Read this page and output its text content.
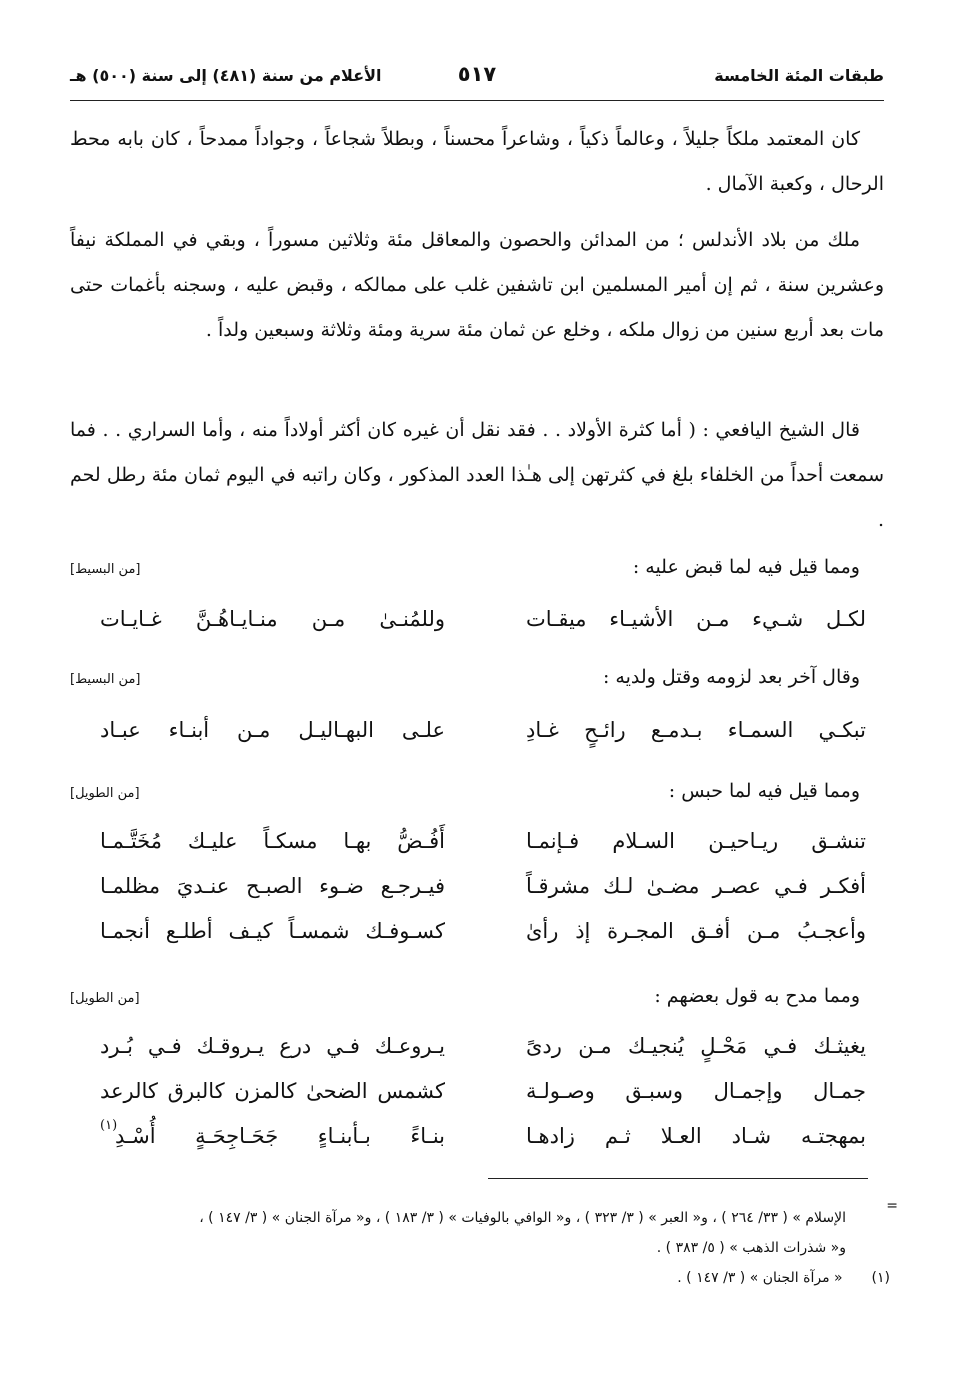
طبقات المئة الخامسة
٥١٧
الأعلام من سنة (٤٨١) إلى سنة (٥٠٠) هـ

كان المعتمد ملكاً جليلاً ، وعالماً ذكياً ، وشاعراً محسناً ، وبطلاً شجاعاً ، وجواداً ممدحاً ، كان بابه محط الرحال ، وكعبة الآمال .

ملك من بلاد الأندلس ؛ من المدائن والحصون والمعاقل مئة وثلاثين مسوراً ، وبقي في المملكة نيفاً وعشرين سنة ، ثم إن أمير المسلمين ابن تاشفين غلب على ممالكه ، وقبض عليه ، وسجنه بأغمات حتى مات بعد أربع سنين من زوال ملكه ، وخلع عن ثمان مئة سرية ومئة وثلاثة وسبعين ولداً .

قال الشيخ اليافعي : ( أما كثرة الأولاد . . فقد نقل أن غيره كان أكثر أولاداً منه ، وأما السراري . . فما سمعت أحداً من الخلفاء بلغ في كثرتهن إلى هـٰذا العدد المذكور ، وكان راتبه في اليوم ثمان مئة رطل لحم .

ومما قيل فيه لما قبض عليه :
[من البسيط]
لكـل شـيء مـن الأشيـاء ميقـات
وللمُنـىٰ مـن منـايـاهُـنَّ غـايـات
وقال آخر بعد لزومه وقتل ولديه :
[من البسيط]
تبكـي السمـاء بـدمـع رائـحٍ غـادِ
علـى البهـاليـل مـن أبنـاء عبـاد
ومما قيل فيه لما حبس :
[من الطويل]
تنشـق ريـاحيـن السـلام فـإنمـا
أَفُـضُّ بهـا مسكـاً عليـك مُخَتَّـمـا
أفكـر فـي عصـر مضـىٰ لـك مشرقـاً
فيـرجـع ضـوء الصبـح عنـديَ مظلمـا
وأعجـبُ مـن أفـق المجـرة إذ رأىٰ
كسـوفـك شمسـاً كيـف أطلـع أنجمـا
ومما مدح به قول بعضهم :
[من الطويل]
يغيثـك فـي مَحْـلٍ يُنجيـك مـن ردىً
يـروعـك فـي درع يـروقـك فـي بُـرد
جمـال وإجمـال وسبـق وصـولـة
كشمس الضحىٰ كالمزن كالبرق كالرعد
بمهجتـه شـاد العـلا ثـم زادهـا
بنـاءً بـأبنـاءٍ جَحَـاجِحَـةٍ أُسْـدِ
(١)
=
الإسلام » ( ٣٣/ ٢٦٤ ) ، و« العبر » ( ٣/ ٣٢٣ ) ، و« الوافي بالوفيات » ( ٣/ ١٨٣ ) ، و« مرآة الجنان » ( ٣/ ١٤٧ ) ،
و« شذرات الذهب » ( ٥/ ٣٨٣ ) .
(١)  « مرآة الجنان » ( ٣/ ١٤٧ ) .
